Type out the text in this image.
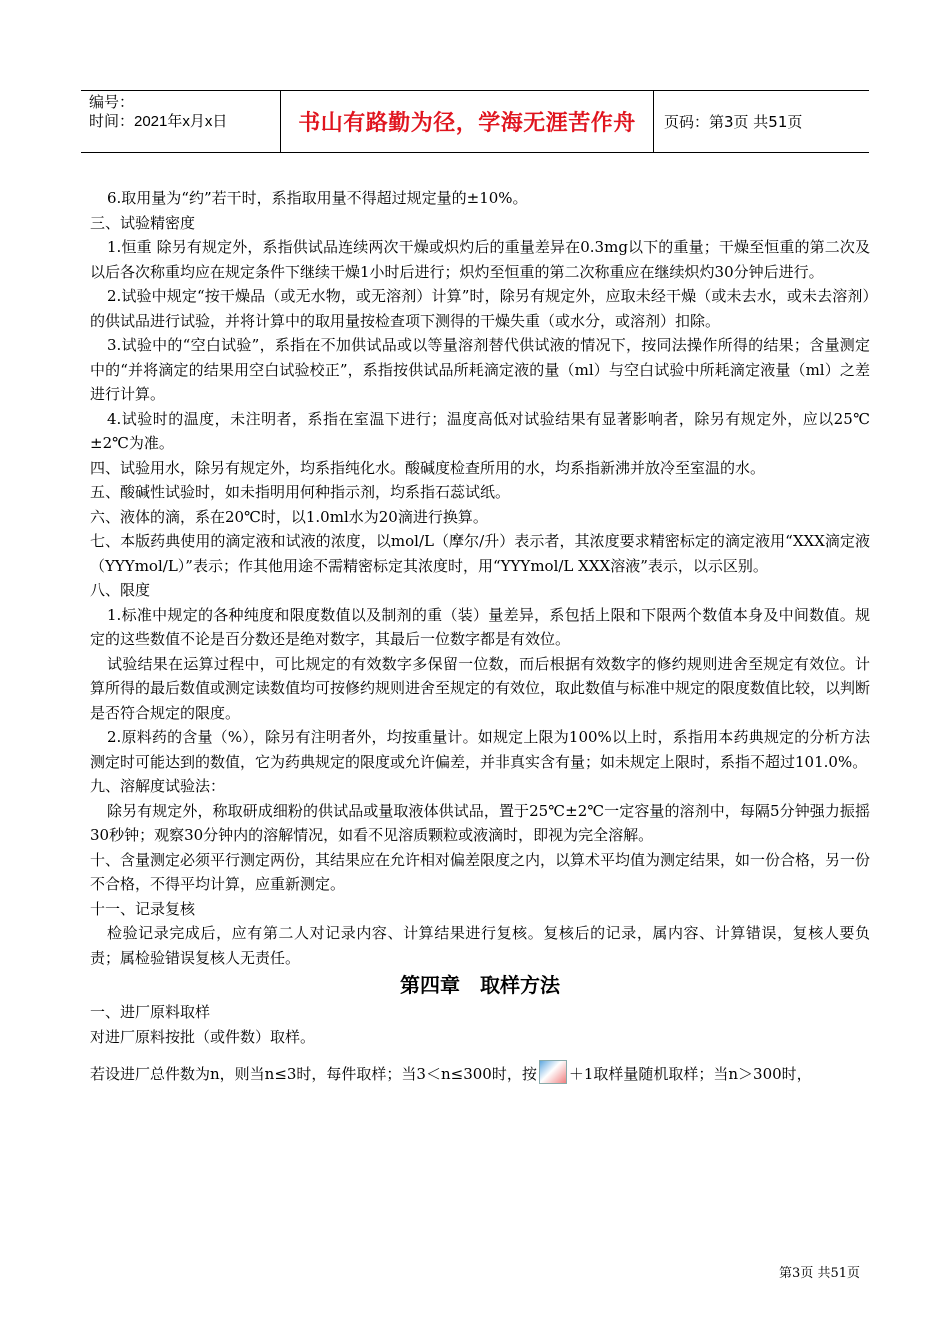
编号：
时间：2021年x月x日	书山有路勤为径，学海无涯苦作舟	页码：第3页 共51页

6.取用量为“约”若干时，系指取用量不得超过规定量的±10%。

三、试验精密度

1.恒重 除另有规定外，系指供试品连续两次干燥或炽灼后的重量差异在0.3mg以下的重量；干燥至恒重的第二次及以后各次称重均应在规定条件下继续干燥1小时后进行；炽灼至恒重的第二次称重应在继续炽灼30分钟后进行。

2.试验中规定“按干燥品（或无水物，或无溶剂）计算”时，除另有规定外，应取未经干燥（或未去水，或未去溶剂）的供试品进行试验，并将计算中的取用量按检查项下测得的干燥失重（或水分，或溶剂）扣除。

3.试验中的“空白试验”，系指在不加供试品或以等量溶剂替代供试液的情况下，按同法操作所得的结果；含量测定中的“并将滴定的结果用空白试验校正”，系指按供试品所耗滴定液的量（ml）与空白试验中所耗滴定液量（ml）之差进行计算。

4.试验时的温度，未注明者，系指在室温下进行；温度高低对试验结果有显著影响者，除另有规定外，应以25℃±2℃为准。

四、试验用水，除另有规定外，均系指纯化水。酸碱度检查所用的水，均系指新沸并放冷至室温的水。

五、酸碱性试验时，如未指明用何种指示剂，均系指石蕊试纸。

六、液体的滴，系在20℃时，以1.0ml水为20滴进行换算。

七、本版药典使用的滴定液和试液的浓度，以mol/L（摩尔/升）表示者，其浓度要求精密标定的滴定液用“XXX滴定液（YYYmol/L）”表示；作其他用途不需精密标定其浓度时，用“YYYmol/L XXX溶液”表示，以示区别。

八、限度

1.标准中规定的各种纯度和限度数值以及制剂的重（装）量差异，系包括上限和下限两个数值本身及中间数值。规定的这些数值不论是百分数还是绝对数字，其最后一位数字都是有效位。

试验结果在运算过程中，可比规定的有效数字多保留一位数，而后根据有效数字的修约规则进舍至规定有效位。计算所得的最后数值或测定读数值均可按修约规则进舍至规定的有效位，取此数值与标准中规定的限度数值比较，以判断是否符合规定的限度。

2.原料药的含量（%），除另有注明者外，均按重量计。如规定上限为100%以上时，系指用本药典规定的分析方法测定时可能达到的数值，它为药典规定的限度或允许偏差，并非真实含有量；如未规定上限时，系指不超过101.0%。

九、溶解度试验法：

除另有规定外，称取研成细粉的供试品或量取液体供试品，置于25℃±2℃一定容量的溶剂中，每隔5分钟强力振摇30秒钟；观察30分钟内的溶解情况，如看不见溶质颗粒或液滴时，即视为完全溶解。

十、含量测定必须平行测定两份，其结果应在允许相对偏差限度之内，以算术平均值为测定结果，如一份合格，另一份不合格，不得平均计算，应重新测定。

十一、记录复核

检验记录完成后，应有第二人对记录内容、计算结果进行复核。复核后的记录，属内容、计算错误，复核人要负责；属检验错误复核人无责任。

第四章　取样方法

一、进厂原料取样

对进厂原料按批（或件数）取样。

若设进厂总件数为n，则当n≤3时，每件取样；当3＜n≤300时，按 ＋1取样量随机取样；当n＞300时，

第3页 共51页
